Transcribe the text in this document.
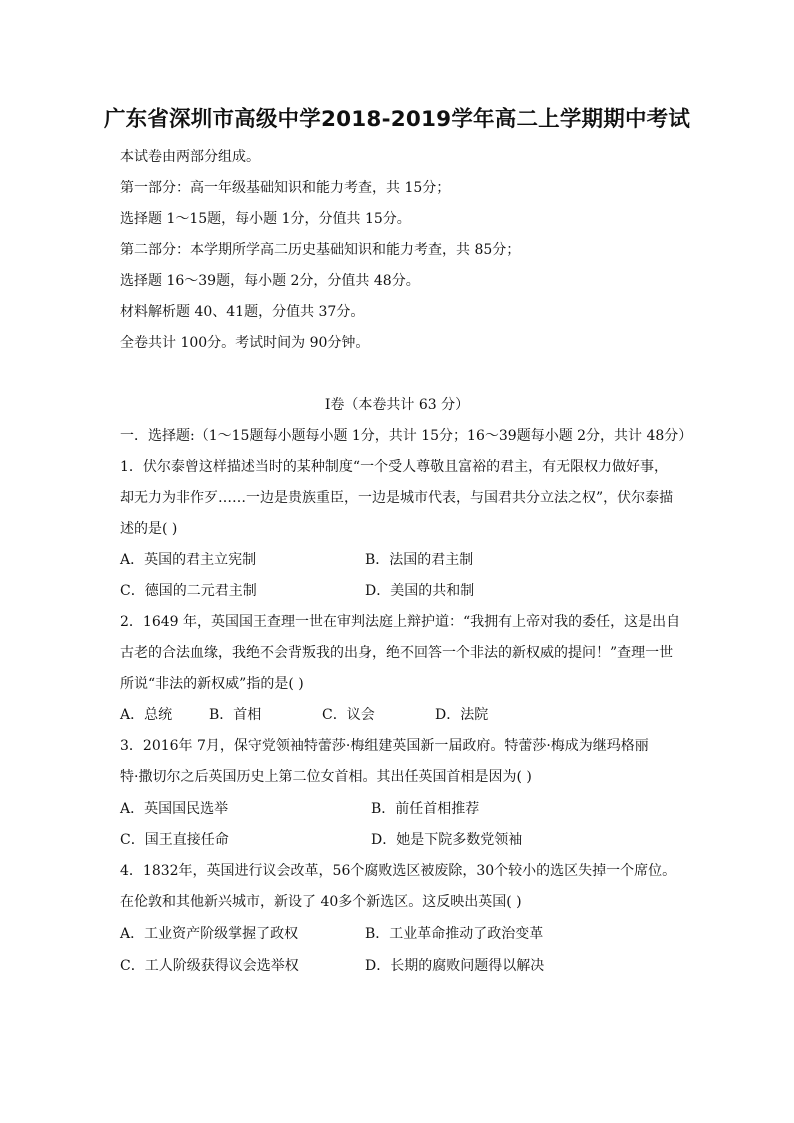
广东省深圳市高级中学2018-2019学年高二上学期期中考试
本试卷由两部分组成。
第一部分：高一年级基础知识和能力考查，共 15分；
选择题 1～15题，每小题 1分，分值共 15分。
第二部分：本学期所学高二历史基础知识和能力考查，共 85分；
选择题 16～39题，每小题 2分，分值共 48分。
材料解析题 40、41题，分值共 37分。
全卷共计 100分。考试时间为 90分钟。
Ⅰ卷（本卷共计 63 分）
一．选择题:（1～15题每小题每小题 1分，共计 15分；16～39题每小题 2分，共计 48分）
1．伏尔泰曾这样描述当时的某种制度“一个受人尊敬且富裕的君主，有无限权力做好事，
却无力为非作歹……一边是贵族重臣，一边是城市代表，与国君共分立法之权”，伏尔泰描
述的是( )
A．英国的君主立宪制	B．法国的君主制
C．德国的二元君主制	D．美国的共和制
2．1649 年，英国国王查理一世在审判法庭上辩护道：“我拥有上帝对我的委任，这是出自
古老的合法血缘，我绝不会背叛我的出身，绝不回答一个非法的新权威的提问！”查理一世
所说“非法的新权威”指的是( )
A．总统	B．首相	C．议会	D．法院
3．2016年 7月，保守党领袖特蕾莎·梅组建英国新一届政府。特蕾莎·梅成为继玛格丽
特·撒切尔之后英国历史上第二位女首相。其出任英国首相是因为( )
A．英国国民选举	B．前任首相推荐
C．国王直接任命	D．她是下院多数党领袖
4．1832年，英国进行议会改革，56个腐败选区被废除，30个较小的选区失掉一个席位。
在伦敦和其他新兴城市，新设了 40多个新选区。这反映出英国( )
A．工业资产阶级掌握了政权	B．工业革命推动了政治变革
C．工人阶级获得议会选举权	D．长期的腐败问题得以解决
